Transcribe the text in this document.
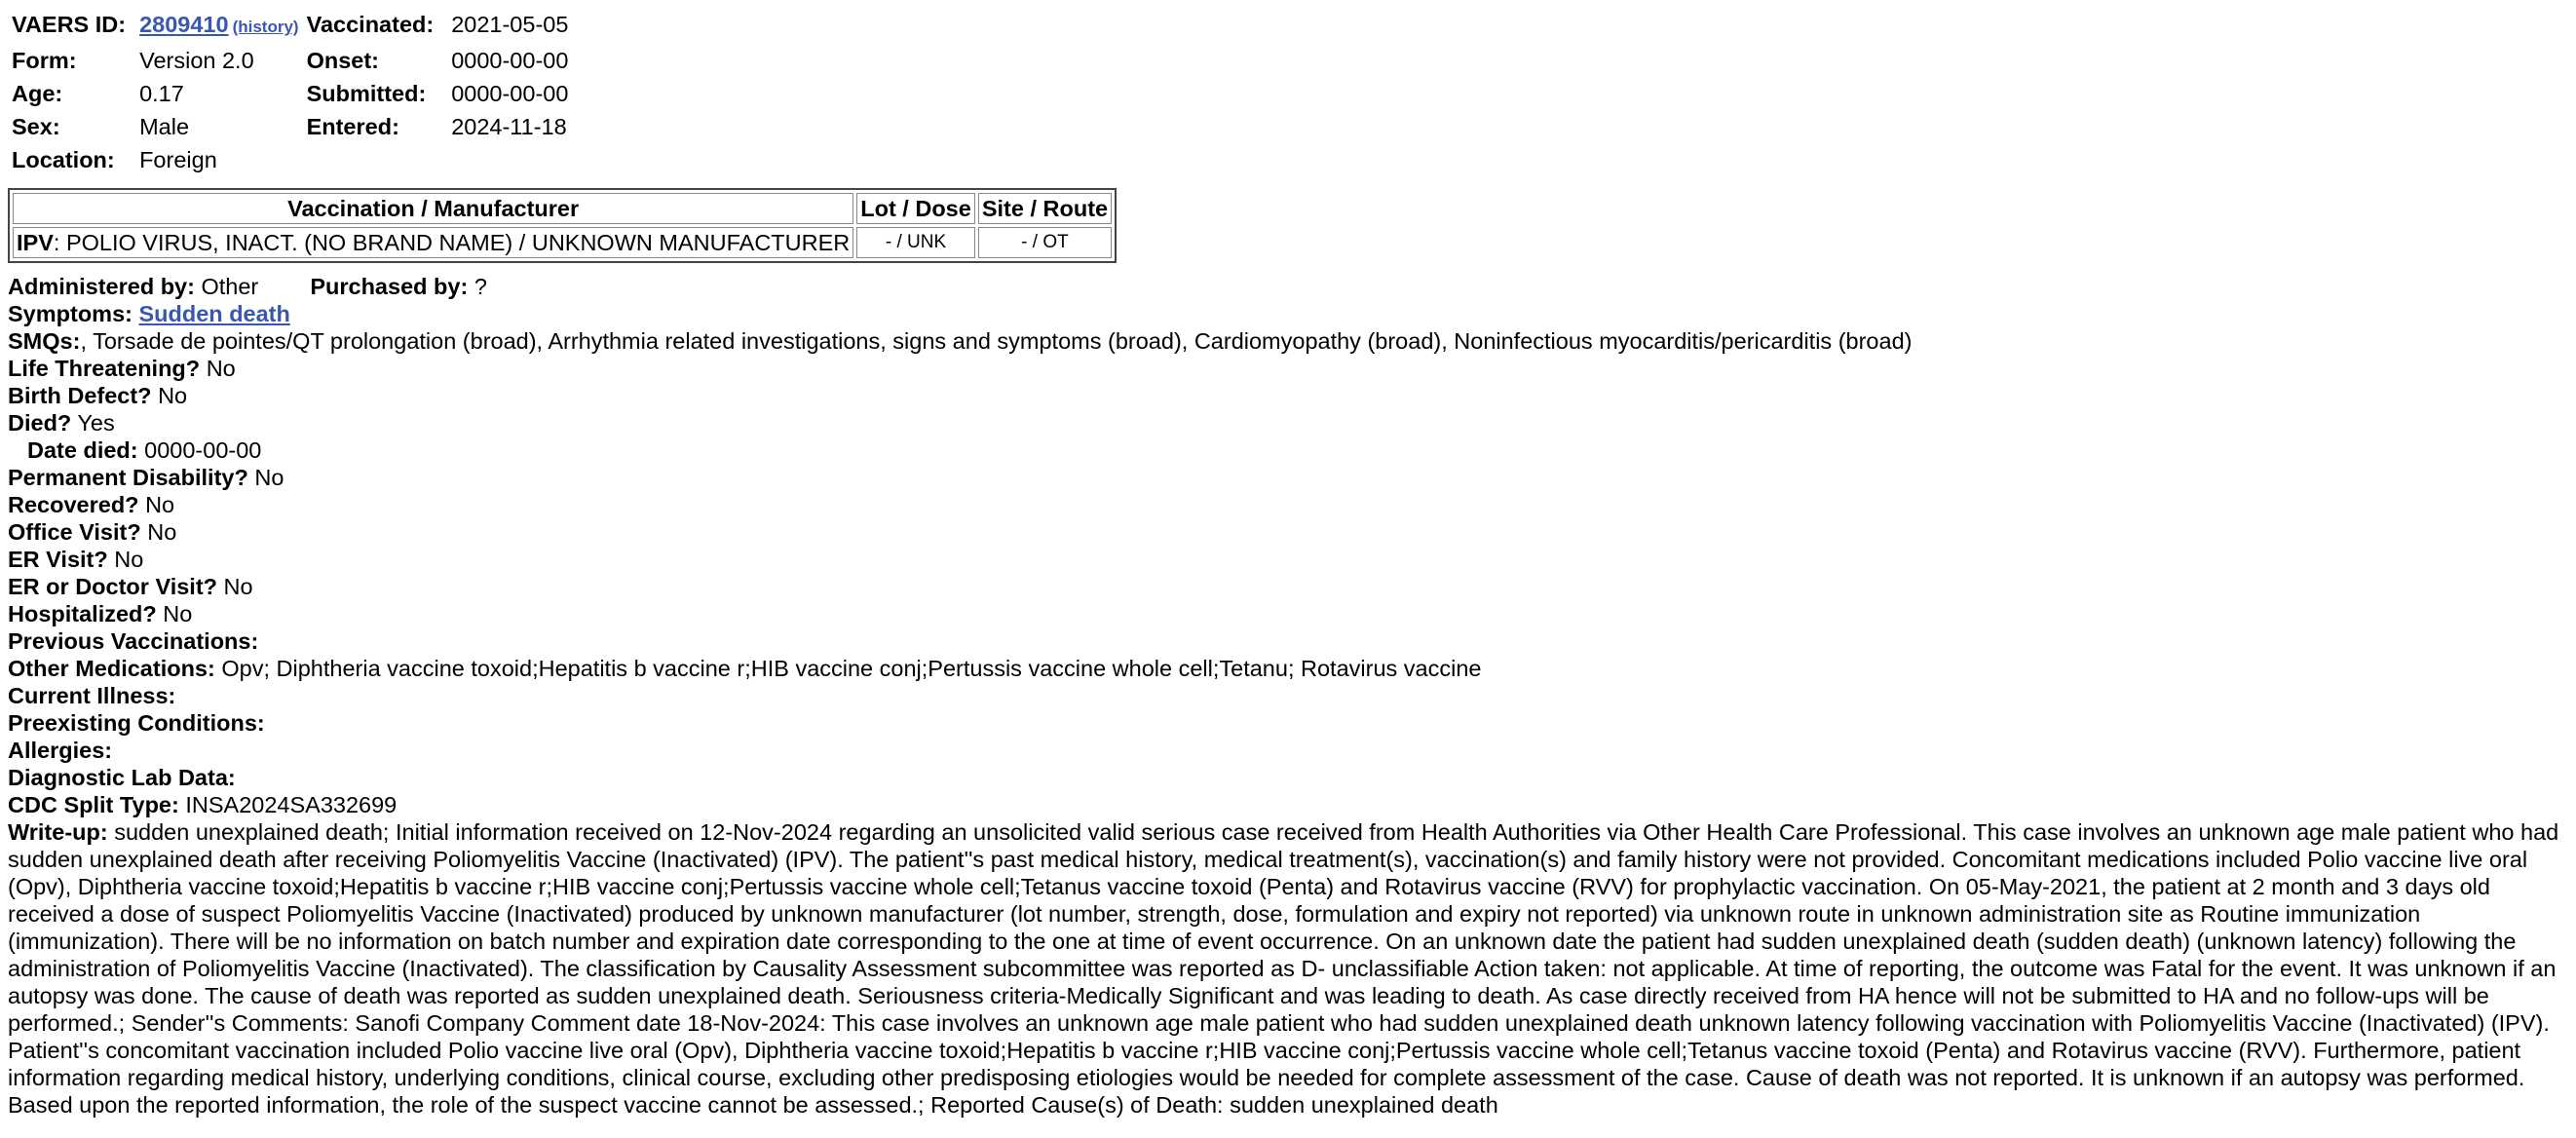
VAERS ID:	2809410 (history)	Vaccinated:	2021-05-05
Form:	Version 2.0	Onset:	0000-00-00
Age:	0.17	Submitted:	0000-00-00
Sex:	Male	Entered:	2024-11-18
Location:	Foreign		
Vaccination / Manufacturer	Lot / Dose	Site / Route
IPV: POLIO VIRUS, INACT. (NO BRAND NAME) / UNKNOWN MANUFACTURER	- / UNK	- / OT
Administered by: Other Purchased by: ?
Symptoms: Sudden death
SMQs:, Torsade de pointes/QT prolongation (broad), Arrhythmia related investigations, signs and symptoms (broad), Cardiomyopathy (broad), Noninfectious myocarditis/pericarditis (broad)
Life Threatening? No
Birth Defect? No
Died? Yes
Date died: 0000-00-00
Permanent Disability? No
Recovered? No
Office Visit? No
ER Visit? No
ER or Doctor Visit? No
Hospitalized? No
Previous Vaccinations:
Other Medications: Opv; Diphtheria vaccine toxoid;Hepatitis b vaccine r;HIB vaccine conj;Pertussis vaccine whole cell;Tetanu; Rotavirus vaccine
Current Illness:
Preexisting Conditions:
Allergies:
Diagnostic Lab Data:
CDC Split Type: INSA2024SA332699
Write-up: sudden unexplained death; Initial information received on 12-Nov-2024 regarding an unsolicited valid serious case received from Health Authorities via Other Health Care Professional. This case involves an unknown age male patient who had sudden unexplained death after receiving Poliomyelitis Vaccine (Inactivated) (IPV). The patient''s past medical history, medical treatment(s), vaccination(s) and family history were not provided. Concomitant medications included Polio vaccine live oral (Opv), Diphtheria vaccine toxoid;Hepatitis b vaccine r;HIB vaccine conj;Pertussis vaccine whole cell;Tetanus vaccine toxoid (Penta) and Rotavirus vaccine (RVV) for prophylactic vaccination. On 05-May-2021, the patient at 2 month and 3 days old received a dose of suspect Poliomyelitis Vaccine (Inactivated) produced by unknown manufacturer (lot number, strength, dose, formulation and expiry not reported) via unknown route in unknown administration site as Routine immunization (immunization). There will be no information on batch number and expiration date corresponding to the one at time of event occurrence. On an unknown date the patient had sudden unexplained death (sudden death) (unknown latency) following the administration of Poliomyelitis Vaccine (Inactivated). The classification by Causality Assessment subcommittee was reported as D- unclassifiable Action taken: not applicable. At time of reporting, the outcome was Fatal for the event. It was unknown if an autopsy was done. The cause of death was reported as sudden unexplained death. Seriousness criteria-Medically Significant and was leading to death. As case directly received from HA hence will not be submitted to HA and no follow-ups will be performed.; Sender''s Comments: Sanofi Company Comment date 18-Nov-2024: This case involves an unknown age male patient who had sudden unexplained death unknown latency following vaccination with Poliomyelitis Vaccine (Inactivated) (IPV). Patient''s concomitant vaccination included Polio vaccine live oral (Opv), Diphtheria vaccine toxoid;Hepatitis b vaccine r;HIB vaccine conj;Pertussis vaccine whole cell;Tetanus vaccine toxoid (Penta) and Rotavirus vaccine (RVV). Furthermore, patient information regarding medical history, underlying conditions, clinical course, excluding other predisposing etiologies would be needed for complete assessment of the case. Cause of death was not reported. It is unknown if an autopsy was performed. Based upon the reported information, the role of the suspect vaccine cannot be assessed.; Reported Cause(s) of Death: sudden unexplained death
